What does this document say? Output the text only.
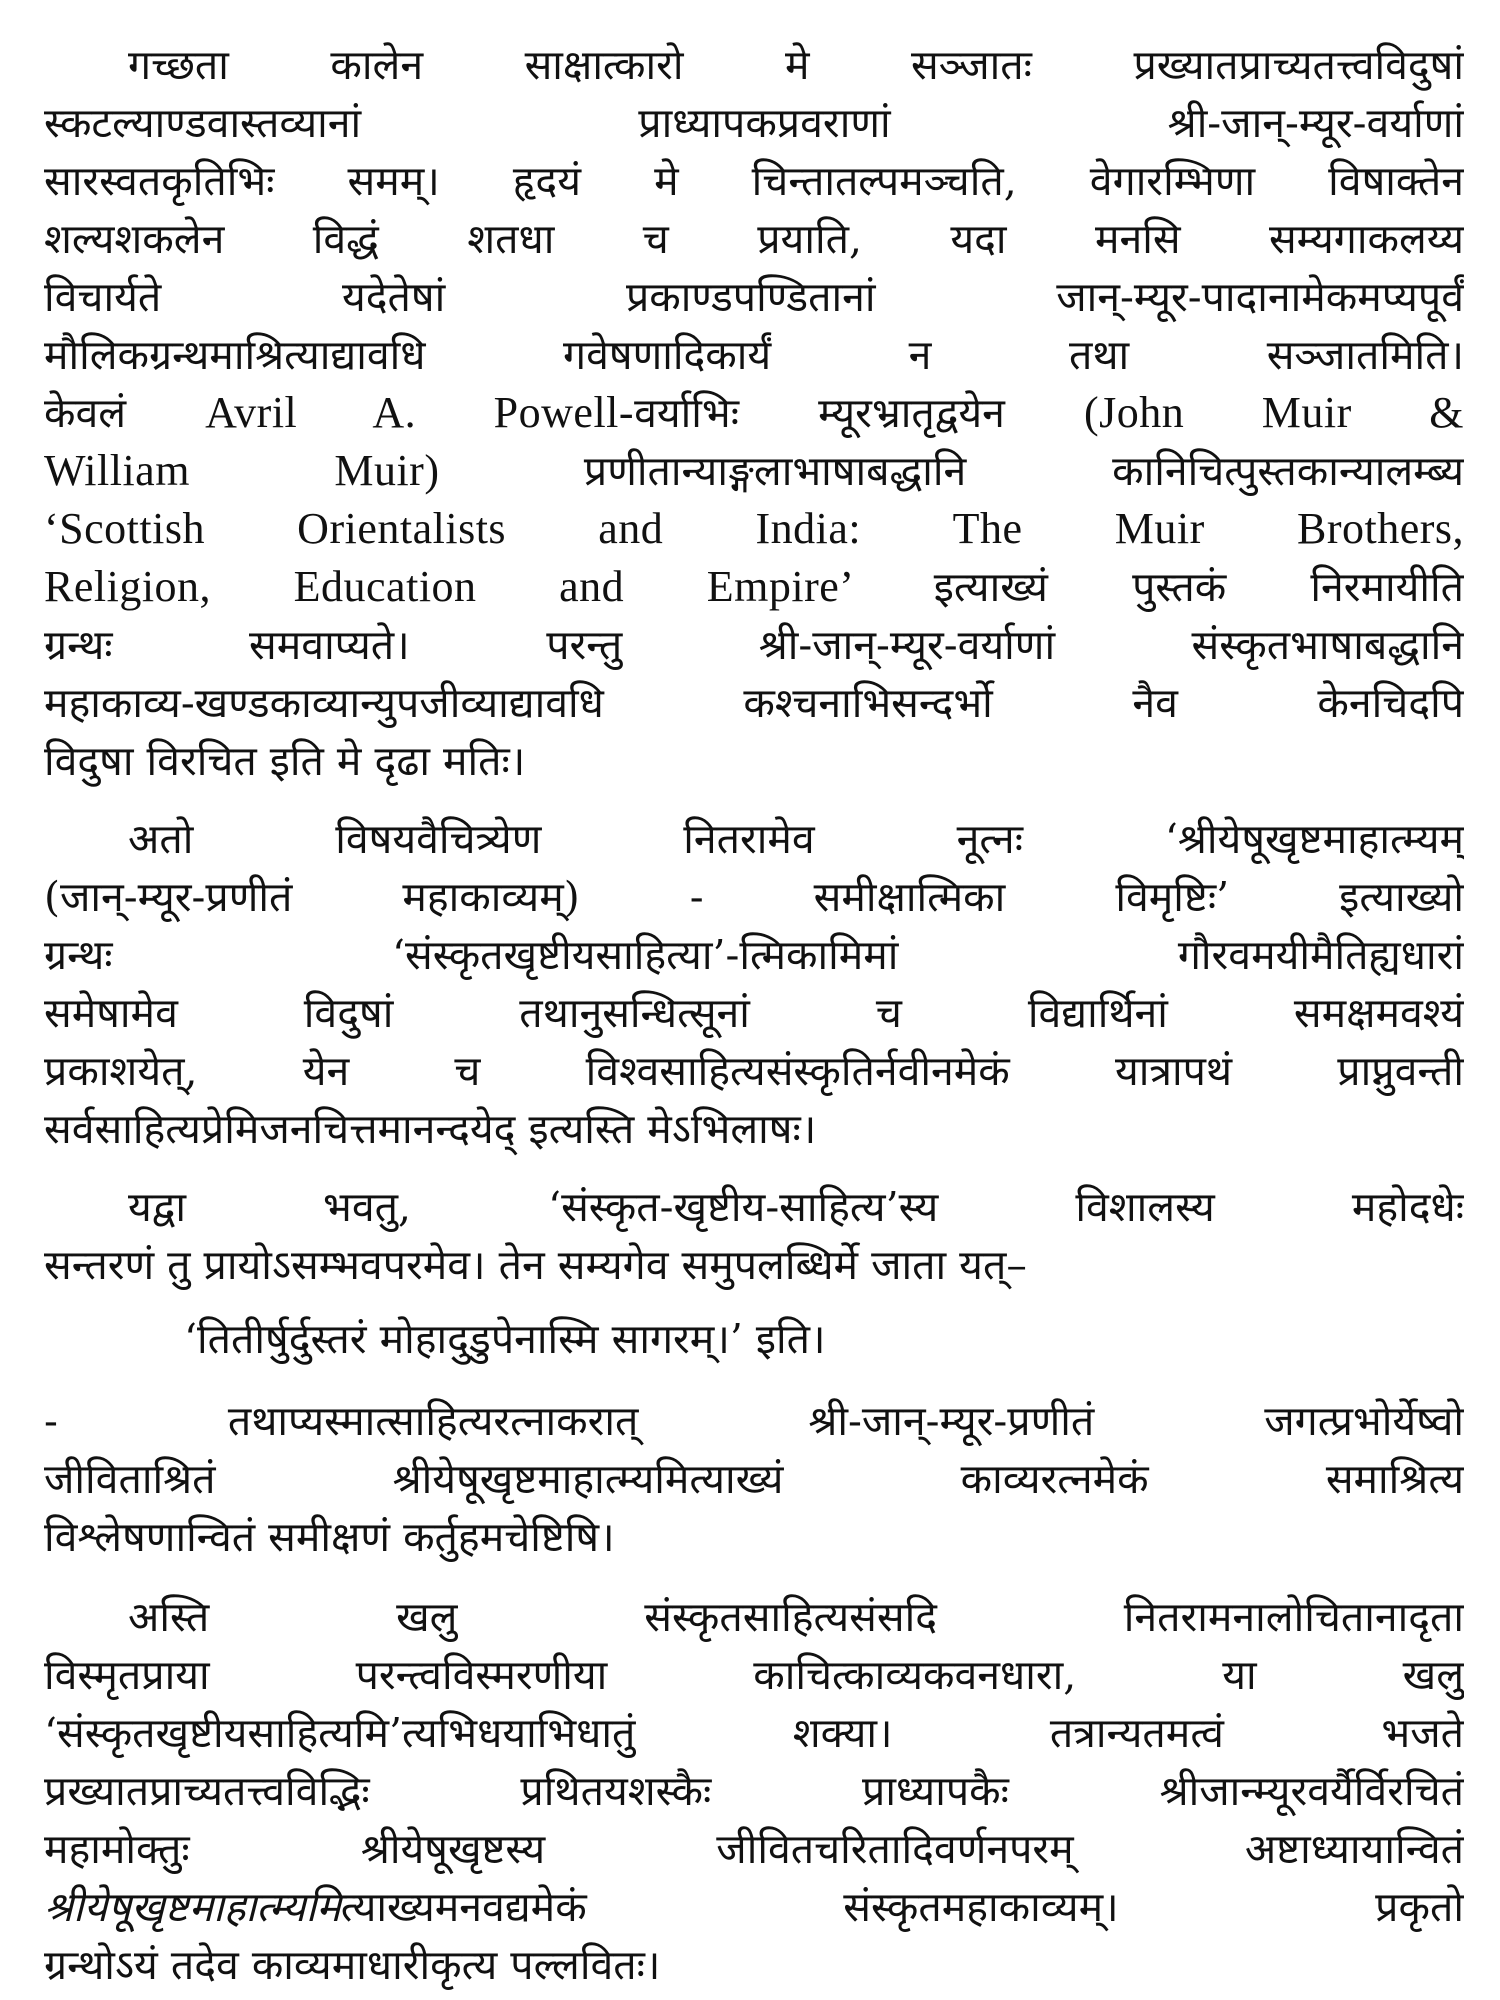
गच्छता कालेन साक्षात्कारो मे सञ्जातः प्रख्यातप्राच्यतत्त्वविदुषां
स्कटल्याण्डवास्तव्यानां प्राध्यापकप्रवराणां श्री-जान्-म्यूर-वर्याणां
सारस्वतकृतिभिः समम्। हृदयं मे चिन्तातल्पमञ्चति, वेगारम्भिणा विषाक्तेन
शल्यशकलेन विद्धं शतधा च प्रयाति, यदा मनसि सम्यगाकलय्य
विचार्यते यदेतेषां प्रकाण्डपण्डितानां जान्-म्यूर-पादानामेकमप्यपूर्वं
मौलिकग्रन्थमाश्रित्याद्यावधि गवेषणादिकार्यं न तथा सञ्जातमिति।
केवलं Avril A. Powell-वर्याभिः म्यूरभ्रातृद्वयेन (John Muir &
William Muir) प्रणीतान्याङ्गलाभाषाबद्धानि कानिचित्पुस्तकान्यालम्ब्य
‘Scottish Orientalists and India: The Muir Brothers,
Religion, Education and Empire’ इत्याख्यं पुस्तकं निरमायीति
ग्रन्थः समवाप्यते। परन्तु श्री-जान्-म्यूर-वर्याणां संस्कृतभाषाबद्धानि
महाकाव्य-खण्डकाव्यान्युपजीव्याद्यावधि कश्चनाभिसन्दर्भो नैव केनचिदपि
विदुषा विरचित इति मे दृढा मतिः।
अतो विषयवैचित्र्येण नितरामेव नूत्नः ‘श्रीयेषूखृष्टमाहात्म्यम्
(जान्-म्यूर-प्रणीतं महाकाव्यम्) - समीक्षात्मिका विमृष्टिः’ इत्याख्यो
ग्रन्थः ‘संस्कृतखृष्टीयसाहित्या’-त्मिकामिमां गौरवमयीमैतिह्यधारां
समेषामेव विदुषां तथानुसन्धित्सूनां च विद्यार्थिनां समक्षमवश्यं
प्रकाशयेत्, येन च विश्वसाहित्यसंस्कृतिर्नवीनमेकं यात्रापथं प्राप्नुवन्ती
सर्वसाहित्यप्रेमिजनचित्तमानन्दयेद् इत्यस्ति मेऽभिलाषः।
यद्वा भवतु, ‘संस्कृत-खृष्टीय-साहित्य’स्य विशालस्य महोदधेः
सन्तरणं तु प्रायोऽसम्भवपरमेव। तेन सम्यगेव समुपलब्धिर्मे जाता यत्–
‘तितीर्षुर्दुस्तरं मोहादुडुपेनास्मि सागरम्।’ इति।
- तथाप्यस्मात्साहित्यरत्नाकरात् श्री-जान्-म्यूर-प्रणीतं जगत्प्रभोर्येष्वो
जीविताश्रितं श्रीयेषूखृष्टमाहात्म्यमित्याख्यं काव्यरत्नमेकं समाश्रित्य
विश्लेषणान्वितं समीक्षणं कर्तुहमचेष्टिषि।
अस्ति खलु संस्कृतसाहित्यसंसदि नितरामनालोचितानादृता
विस्मृतप्राया परन्त्वविस्मरणीया काचित्काव्यकवनधारा, या खलु
‘संस्कृतखृष्टीयसाहित्यमि’त्यभिधयाभिधातुं शक्या। तत्रान्यतमत्वं भजते
प्रख्यातप्राच्यतत्त्वविद्भिः प्रथितयशस्कैः प्राध्यापकैः श्रीजान्म्यूरवर्यैर्विरचितं
महामोक्तुः श्रीयेषूखृष्टस्य जीवितचरितादिवर्णनपरम् अष्टाध्यायान्वितं
श्रीयेषूखृष्टमाहात्म्यमित्याख्यमनवद्यमेकं संस्कृतमहाकाव्यम्। प्रकृतो
ग्रन्थोऽयं तदेव काव्यमाधारीकृत्य पल्लवितः।
